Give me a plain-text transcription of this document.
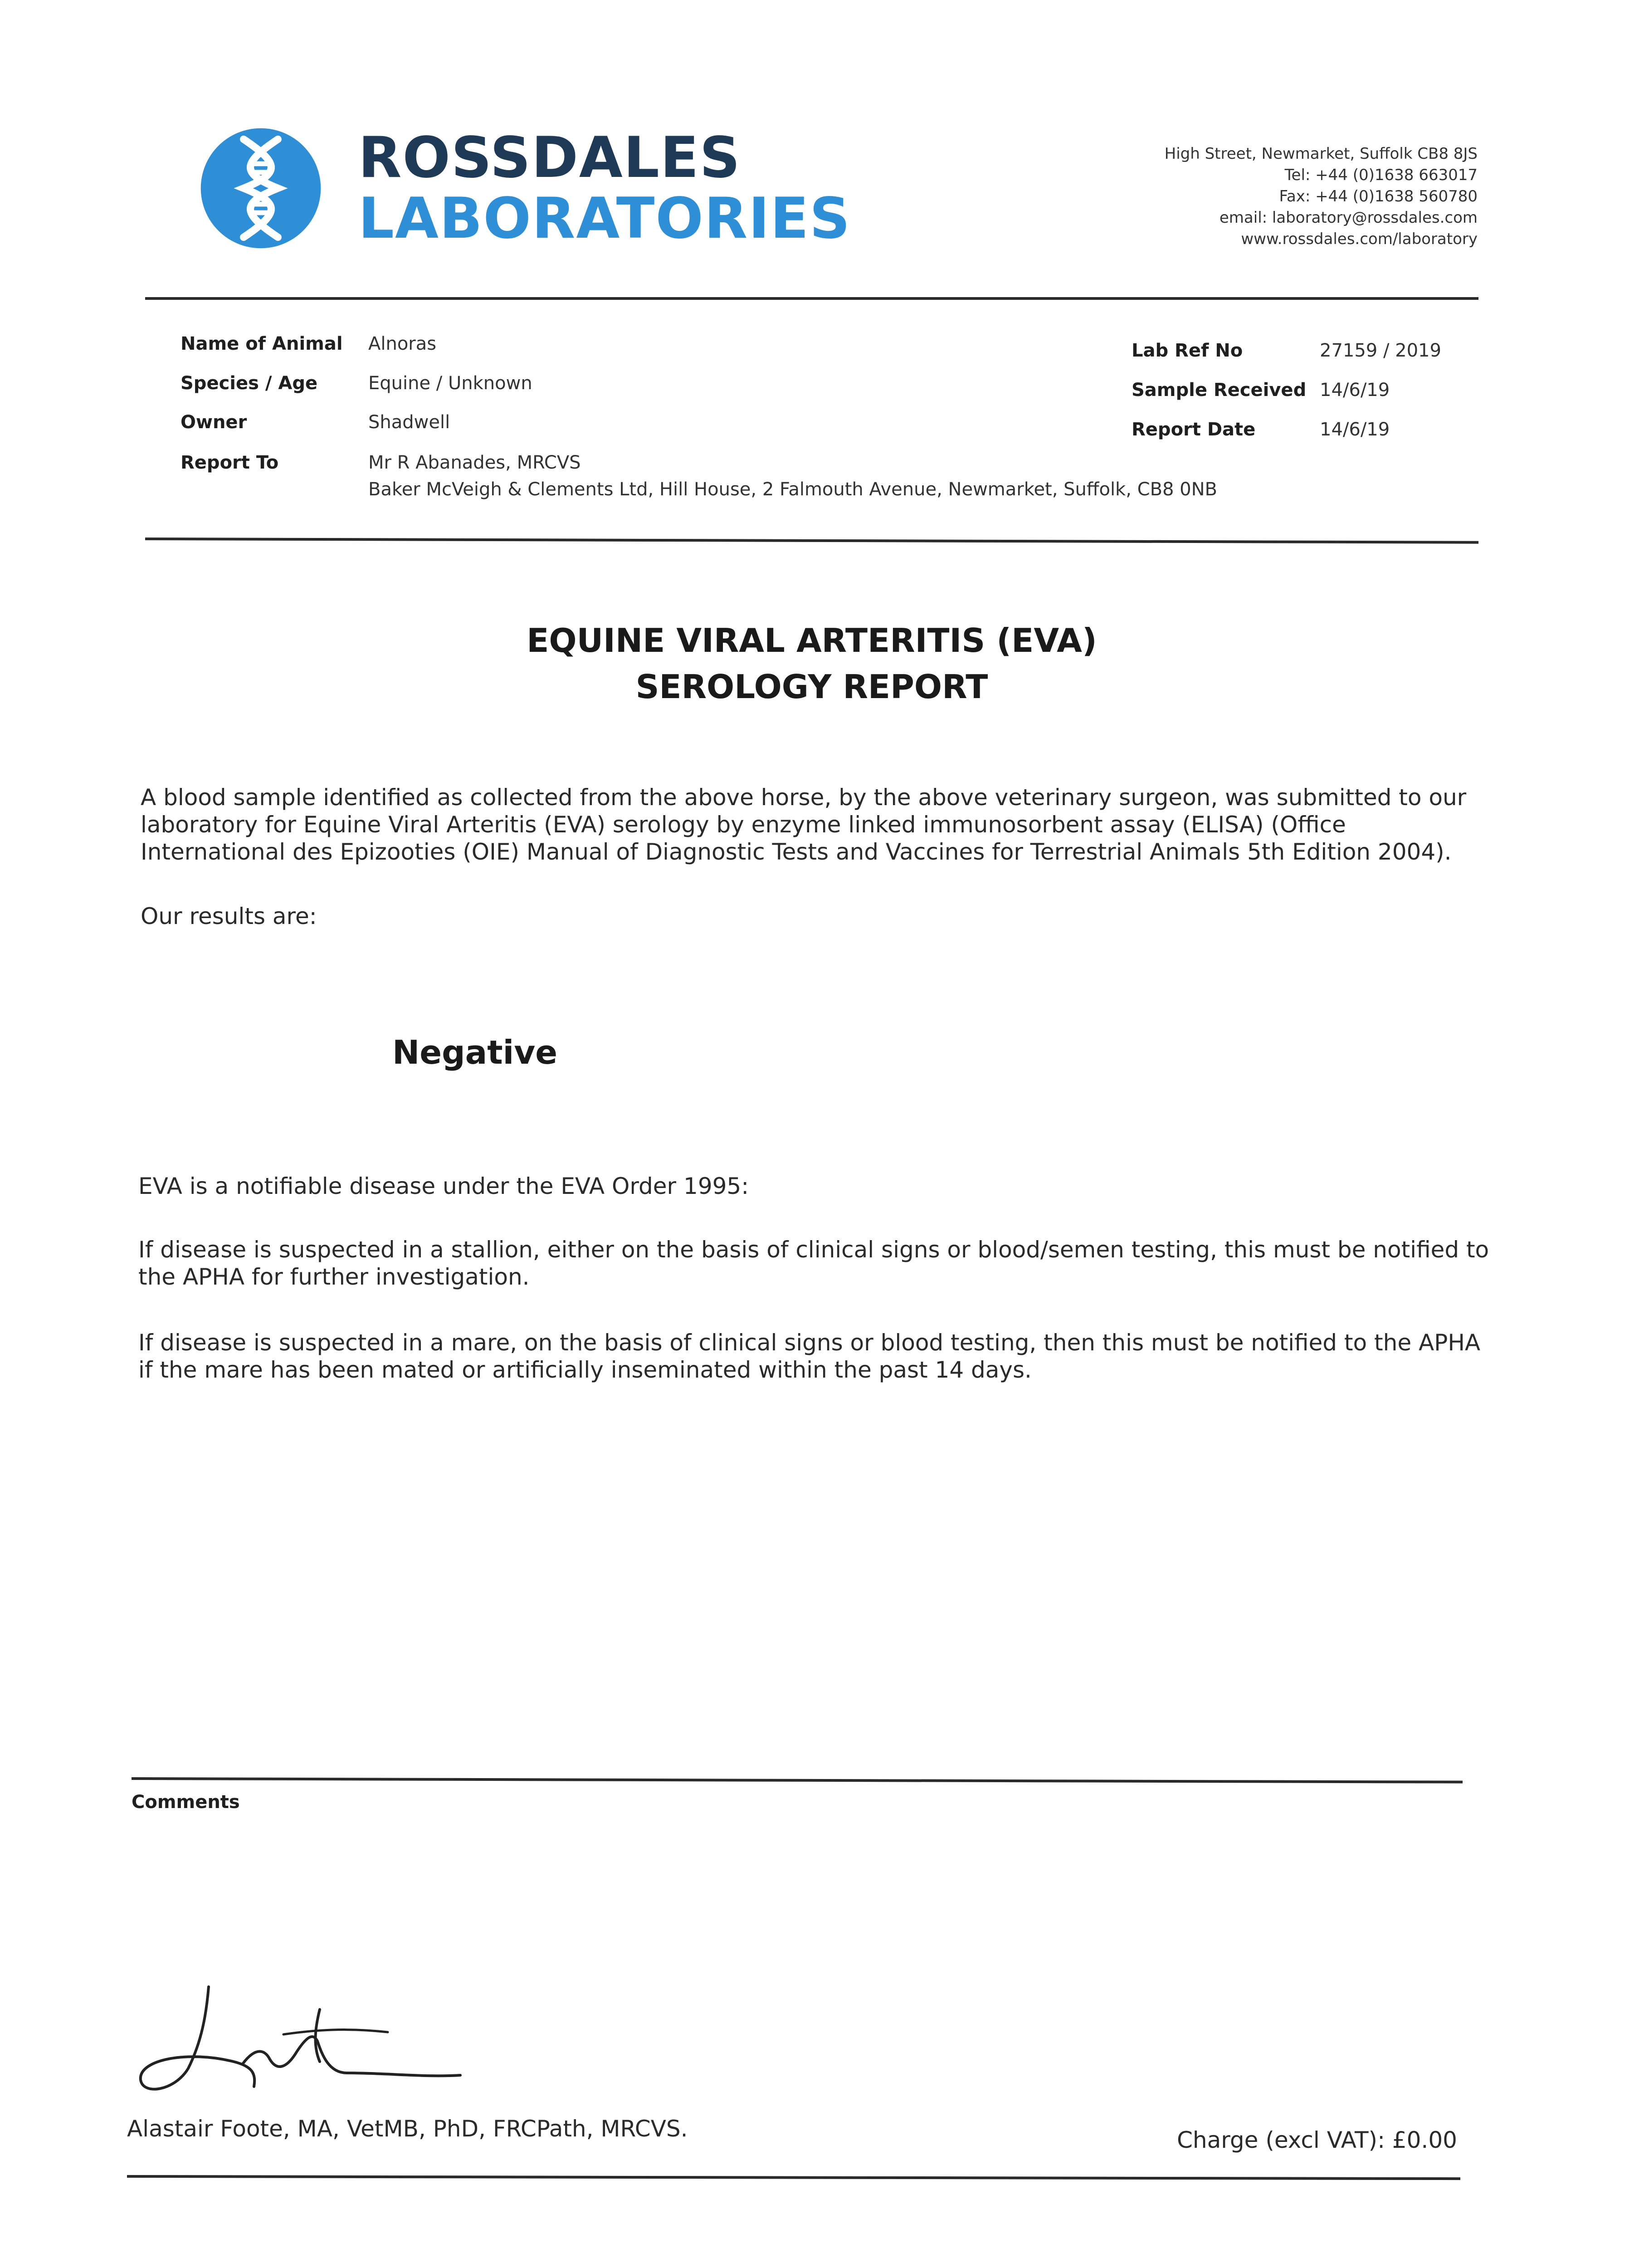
ROSSDALES
LABORATORIES
High Street, Newmarket, Suffolk CB8 8JS
Tel: +44 (0)1638 663017
Fax: +44 (0)1638 560780
email: laboratory@rossdales.com
www.rossdales.com/laboratory
Name of Animal Alnoras
Species / Age	Equine / Unknown
Owner	Shadwell
Report To	Mr R Abanades, MRCVS
Baker McVeigh & Clements Ltd, Hill House, 2 Falmouth Avenue, Newmarket, Suffolk, CB8 0NB
Lab Ref No	27159 / 2019
Sample Received 14/6/19
Report Date	14/6/19
EQUINE VIRAL ARTERITIS (EVA)
SEROLOGY REPORT
A blood sample identified as collected from the above horse, by the above veterinary surgeon, was submitted to our
laboratory for Equine Viral Arteritis (EVA) serology by enzyme linked immunosorbent assay (ELISA) (Office
International des Epizooties (OIE) Manual of Diagnostic Tests and Vaccines for Terrestrial Animals 5th Edition 2004).
Our results are:
Negative
EVA is a notifiable disease under the EVA Order 1995:
If disease is suspected in a stallion, either on the basis of clinical signs or blood/semen testing, this must be notified to
the APHA for further investigation.
If disease is suspected in a mare, on the basis of clinical signs or blood testing, then this must be notified to the APHA
if the mare has been mated or artificially inseminated within the past 14 days.
Comments
Alastair Foote, MA, VetMB, PhD, FRCPath, MRCVS.	Charge (excl VAT): £0.00
